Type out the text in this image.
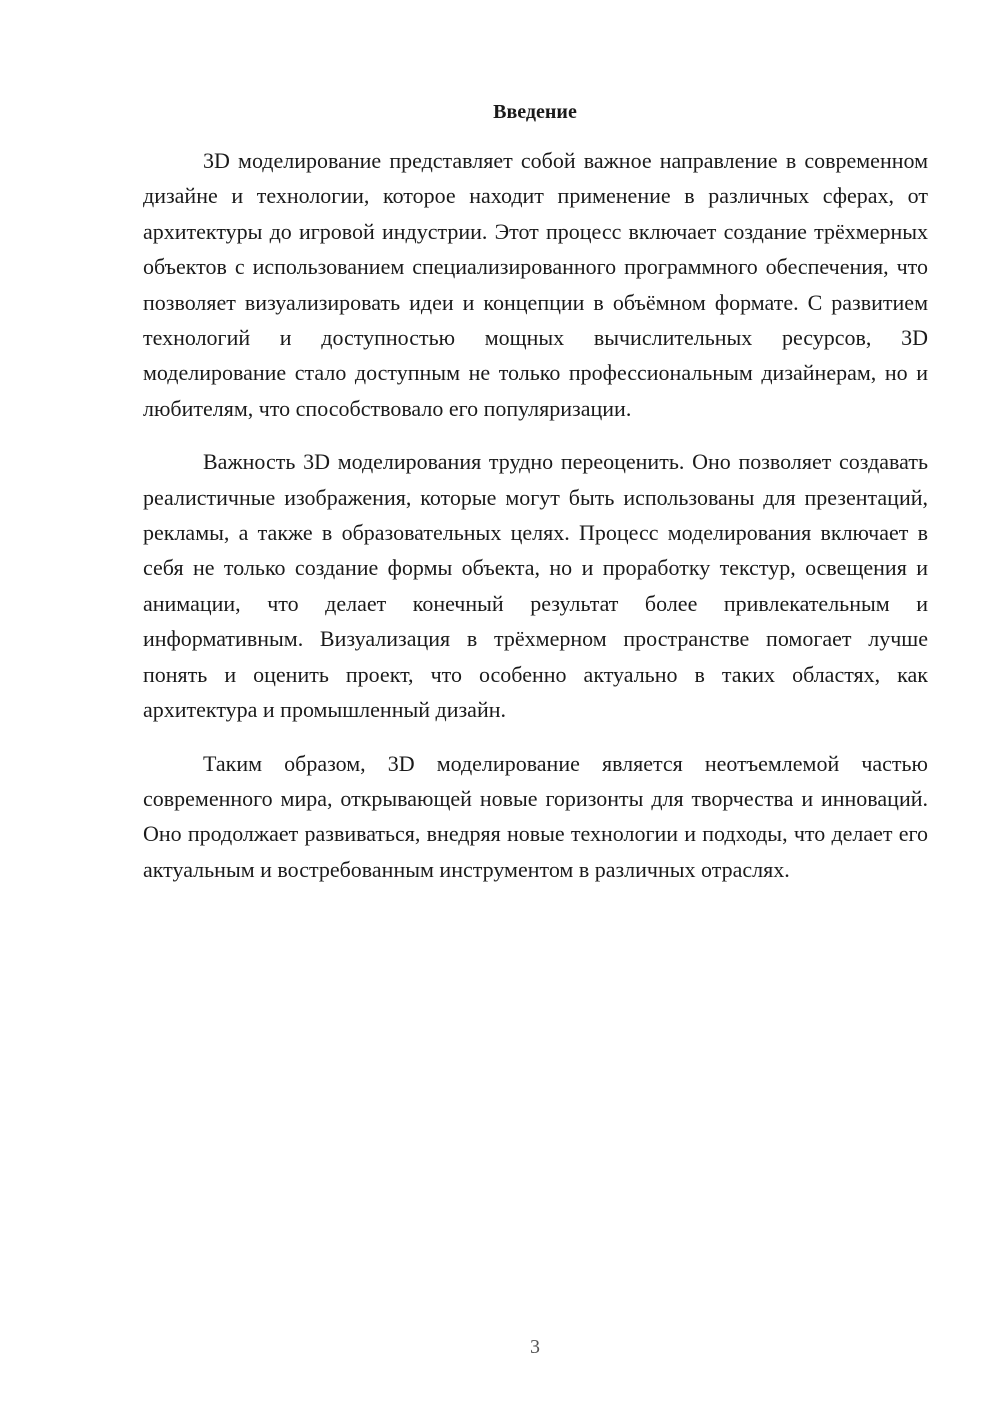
Введение

3D моделирование представляет собой важное направление в современном дизайне и технологии, которое находит применение в различных сферах, от архитектуры до игровой индустрии. Этот процесс включает создание трёхмерных объектов с использованием специализированного программного обеспечения, что позволяет визуализировать идеи и концепции в объёмном формате. С развитием технологий и доступностью мощных вычислительных ресурсов, 3D моделирование стало доступным не только профессиональным дизайнерам, но и любителям, что способствовало его популяризации.

Важность 3D моделирования трудно переоценить. Оно позволяет создавать реалистичные изображения, которые могут быть использованы для презентаций, рекламы, а также в образовательных целях. Процесс моделирования включает в себя не только создание формы объекта, но и проработку текстур, освещения и анимации, что делает конечный результат более привлекательным и информативным. Визуализация в трёхмерном пространстве помогает лучше понять и оценить проект, что особенно актуально в таких областях, как архитектура и промышленный дизайн.

Таким образом, 3D моделирование является неотъемлемой частью современного мира, открывающей новые горизонты для творчества и инноваций. Оно продолжает развиваться, внедряя новые технологии и подходы, что делает его актуальным и востребованным инструментом в различных отраслях.

3
